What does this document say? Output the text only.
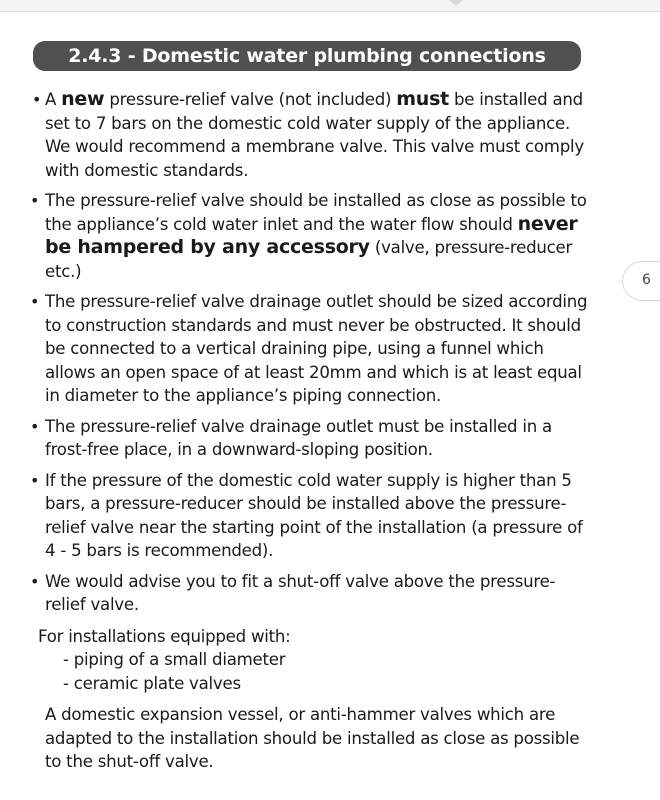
2.4.3 - Domestic water plumbing connections
6
• A new pressure-relief valve (not included) must be installed and set to 7 bars on the domestic cold water supply of the appliance. We would recommend a membrane valve. This valve must comply with domestic standards.
• The pressure-relief valve should be installed as close as possible to the appliance’s cold water inlet and the water flow should never be hampered by any accessory (valve, pressure-reducer etc.)
• The pressure-relief valve drainage outlet should be sized according to construction standards and must never be obstructed. It should be connected to a vertical draining pipe, using a funnel which allows an open space of at least 20mm and which is at least equal in diameter to the appliance’s piping connection.
• The pressure-relief valve drainage outlet must be installed in a frost-free place, in a downward-sloping position.
• If the pressure of the domestic cold water supply is higher than 5 bars, a pressure-reducer should be installed above the pressure-relief valve near the starting point of the installation (a pressure of 4 - 5 bars is recommended).
• We would advise you to fit a shut-off valve above the pressure-relief valve.
For installations equipped with:
- piping of a small diameter
- ceramic plate valves
A domestic expansion vessel, or anti-hammer valves which are adapted to the installation should be installed as close as possible to the shut-off valve.
